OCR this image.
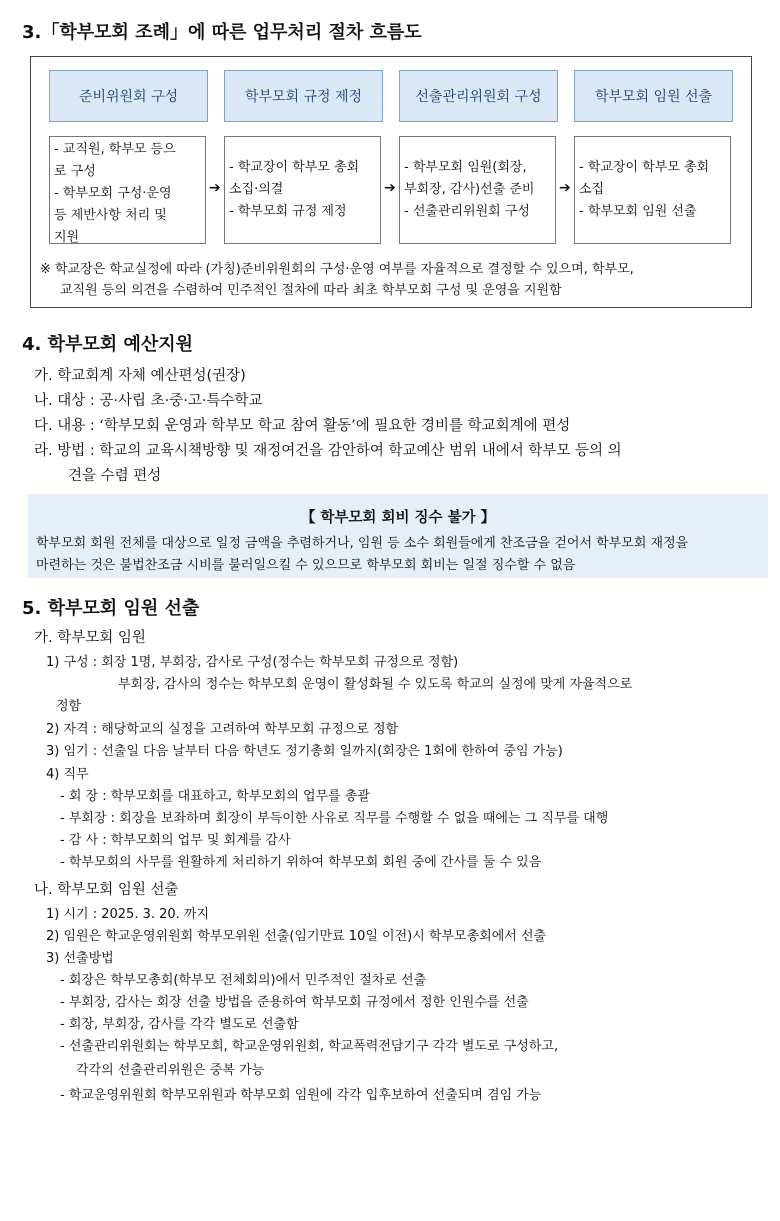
3.「학부모회 조례」에 따른 업무처리 절차 흐름도
준비위원회 구성	학부모회 규정 제정	선출관리위원회 구성	학부모회 임원 선출
- 교직원, 학부모 등으
로 구성
- 학부모회 구성·운영
등 제반사항 처리 및
지원
- 학교장이 학부모 총회
소집·의결
- 학부모회 규정 제정
- 학부모회 임원(회장,
부회장, 감사)선출 준비
- 선출관리위원회 구성
- 학교장이 학부모 총회
소집
- 학부모회 임원 선출
➔	➔	➔
※ 학교장은 학교실정에 따라 (가칭)준비위원회의 구성·운영 여부를 자율적으로 결정할 수 있으며, 학부모,
교직원 등의 의견을 수렴하여 민주적인 절차에 따라 최초 학부모회 구성 및 운영을 지원함
4. 학부모회 예산지원
가. 학교회계 자체 예산편성(권장)
나. 대상 : 공·사립 초·중·고·특수학교
다. 내용 : ‘학부모회 운영과 학부모 학교 참여 활동’에 필요한 경비를 학교회계에 편성
라. 방법 : 학교의 교육시책방향 및 재정여건을 감안하여 학교예산 범위 내에서 학부모 등의 의
견을 수렴 편성
【 학부모회 회비 징수 불가 】
학부모회 회원 전체를 대상으로 일정 금액을 추렴하거나, 임원 등 소수 회원들에게 찬조금을 걷어서 학부모회 재정을
마련하는 것은 불법찬조금 시비를 불러일으킬 수 있으므로 학부모회 회비는 일절 징수할 수 없음
5. 학부모회 임원 선출
가. 학부모회 임원
1) 구성 : 회장 1명, 부회장, 감사로 구성(정수는 학부모회 규정으로 정함)
부회장, 감사의 정수는 학부모회 운영이 활성화될 수 있도록 학교의 실정에 맞게 자율적으로
정함
2) 자격 : 해당학교의 실정을 고려하여 학부모회 규정으로 정함
3) 임기 : 선출일 다음 날부터 다음 학년도 정기총회 일까지(회장은 1회에 한하여 중임 가능)
4) 직무
- 회 장 : 학부모회를 대표하고, 학부모회의 업무를 총괄
- 부회장 : 회장을 보좌하며 회장이 부득이한 사유로 직무를 수행할 수 없을 때에는 그 직무를 대행
- 감 사 : 학부모회의 업무 및 회계를 감사
- 학부모회의 사무를 원활하게 처리하기 위하여 학부모회 회원 중에 간사를 둘 수 있음
나. 학부모회 임원 선출
1) 시기 : 2025. 3. 20. 까지
2) 임원은 학교운영위원회 학부모위원 선출(임기만료 10일 이전)시 학부모총회에서 선출
3) 선출방법
- 회장은 학부모총회(학부모 전체회의)에서 민주적인 절차로 선출
- 부회장, 감사는 회장 선출 방법을 준용하여 학부모회 규정에서 정한 인원수를 선출
- 회장, 부회장, 감사를 각각 별도로 선출함
- 선출관리위원회는 학부모회, 학교운영위원회, 학교폭력전담기구 각각 별도로 구성하고,
각각의 선출관리위원은 중복 가능
- 학교운영위원회 학부모위원과 학부모회 임원에 각각 입후보하여 선출되며 겸임 가능
